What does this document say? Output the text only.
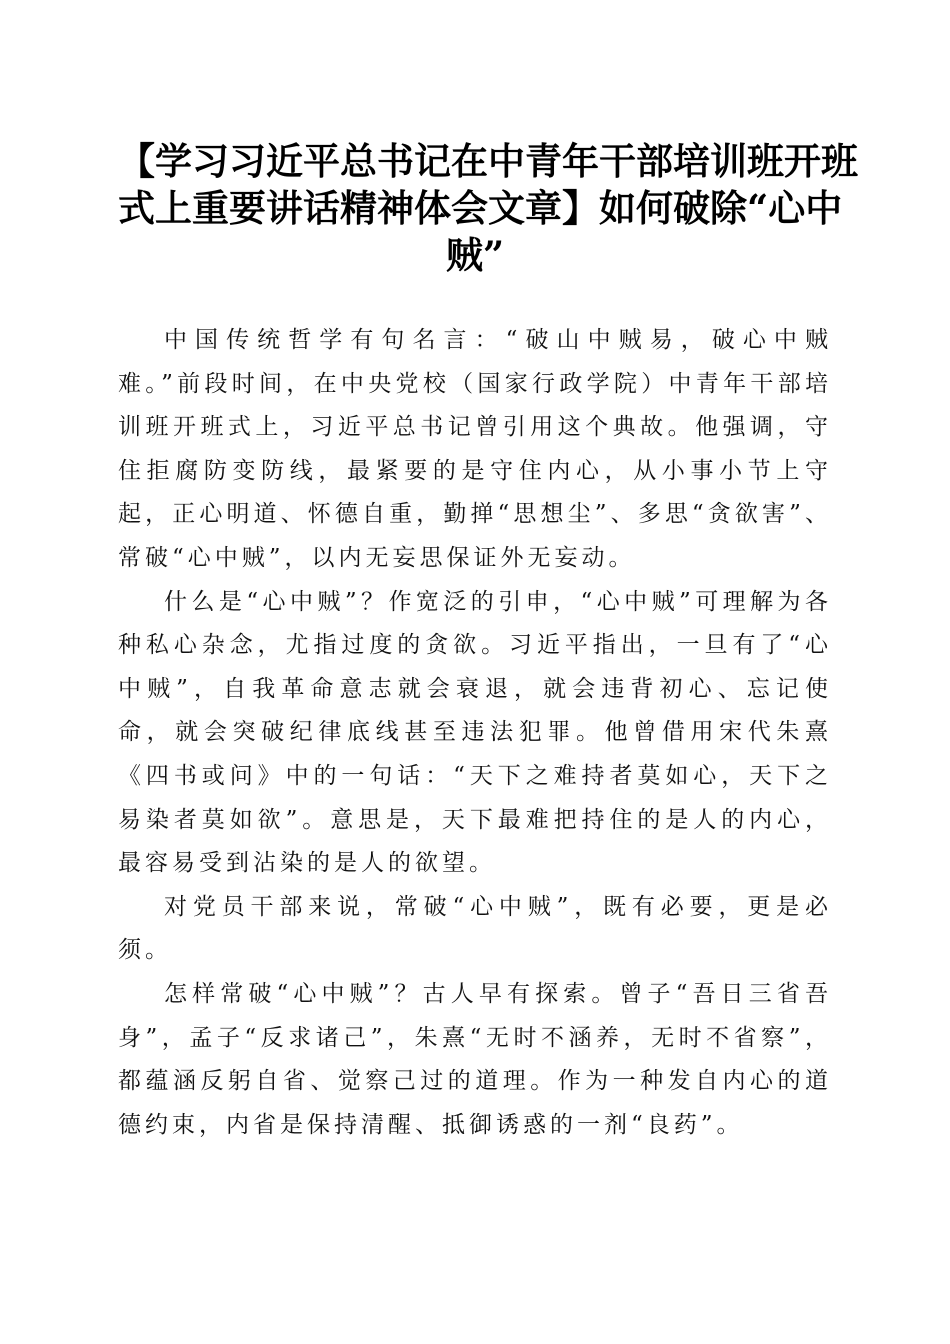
【学习习近平总书记在中青年干部培训班开班
式上重要讲话精神体会文章】如何破除“心中
贼”

中国传统哲学有句名言：“破山中贼易，破心中贼难。”前段时间，在中央党校（国家行政学院）中青年干部培训班开班式上，习近平总书记曾引用这个典故。他强调，守住拒腐防变防线，最紧要的是守住内心，从小事小节上守起，正心明道、怀德自重，勤掸“思想尘”、多思“贪欲害”、常破“心中贼”，以内无妄思保证外无妄动。

什么是“心中贼”？作宽泛的引申，“心中贼”可理解为各种私心杂念，尤指过度的贪欲。习近平指出，一旦有了“心中贼”，自我革命意志就会衰退，就会违背初心、忘记使命，就会突破纪律底线甚至违法犯罪。他曾借用宋代朱熹《四书或问》中的一句话：“天下之难持者莫如心，天下之易染者莫如欲”。意思是，天下最难把持住的是人的内心，最容易受到沾染的是人的欲望。

对党员干部来说，常破“心中贼”，既有必要，更是必须。

怎样常破“心中贼”？古人早有探索。曾子“吾日三省吾身”，孟子“反求诸己”，朱熹“无时不涵养，无时不省察”，都蕴涵反躬自省、觉察己过的道理。作为一种发自内心的道德约束，内省是保持清醒、抵御诱惑的一剂“良药”。
